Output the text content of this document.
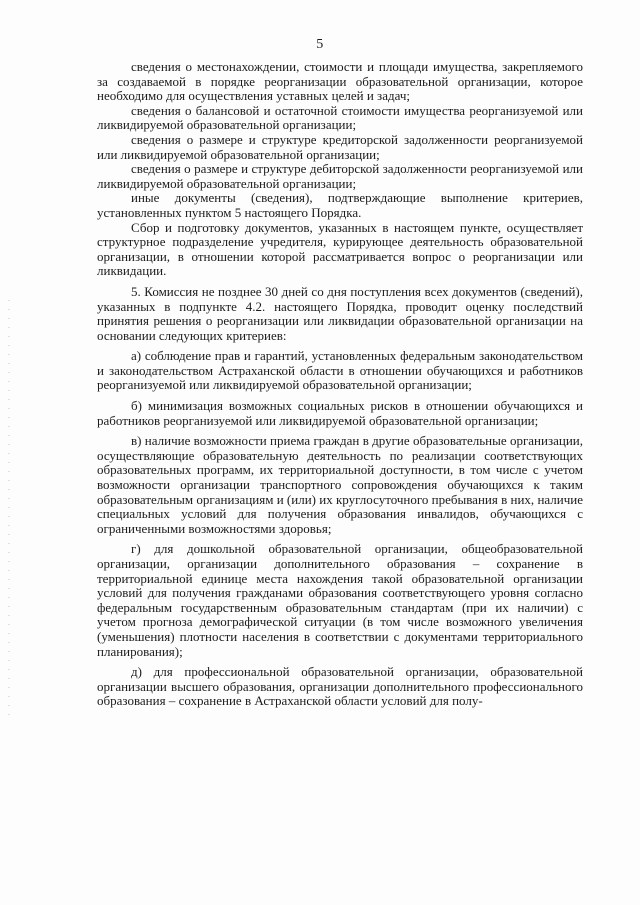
5

сведения о местонахождении, стоимости и площади имущества, закрепляемого за создаваемой в порядке реорганизации образовательной организации, которое необходимо для осуществления уставных целей и задач;

сведения о балансовой и остаточной стоимости имущества реорганизуемой или ликвидируемой образовательной организации;

сведения о размере и структуре кредиторской задолженности реорганизуемой или ликвидируемой образовательной организации;

сведения о размере и структуре дебиторской задолженности реорганизуемой или ликвидируемой образовательной организации;

иные документы (сведения), подтверждающие выполнение критериев, установленных пунктом 5 настоящего Порядка.

Сбор и подготовку документов, указанных в настоящем пункте, осуществляет структурное подразделение учредителя, курирующее деятельность образовательной организации, в отношении которой рассматривается вопрос о реорганизации или ликвидации.

5. Комиссия не позднее 30 дней со дня поступления всех документов (сведений), указанных в подпункте 4.2. настоящего Порядка, проводит оценку последствий принятия решения о реорганизации или ликвидации образовательной организации на основании следующих критериев:

а) соблюдение прав и гарантий, установленных федеральным законодательством и законодательством Астраханской области в отношении обучающихся и работников реорганизуемой или ликвидируемой образовательной организации;

б) минимизация возможных социальных рисков в отношении обучающихся и работников реорганизуемой или ликвидируемой образовательной организации;

в) наличие возможности приема граждан в другие образовательные организации, осуществляющие образовательную деятельность по реализации соответствующих образовательных программ, их территориальной доступности, в том числе с учетом возможности организации транспортного сопровождения обучающихся к таким образовательным организациям и (или) их круглосуточного пребывания в них, наличие специальных условий для получения образования инвалидов, обучающихся с ограниченными возможностями здоровья;

г) для дошкольной образовательной организации, общеобразовательной организации, организации дополнительного образования – сохранение в территориальной единице места нахождения такой образовательной организации условий для получения гражданами образования соответствующего уровня согласно федеральным государственным образовательным стандартам (при их наличии) с учетом прогноза демографической ситуации (в том числе возможного увеличения (уменьшения) плотности населения в соответствии с документами территориального планирования);

д) для профессиональной образовательной организации, образовательной организации высшего образования, организации дополнительного профессионального образования – сохранение в Астраханской области условий для полу-
